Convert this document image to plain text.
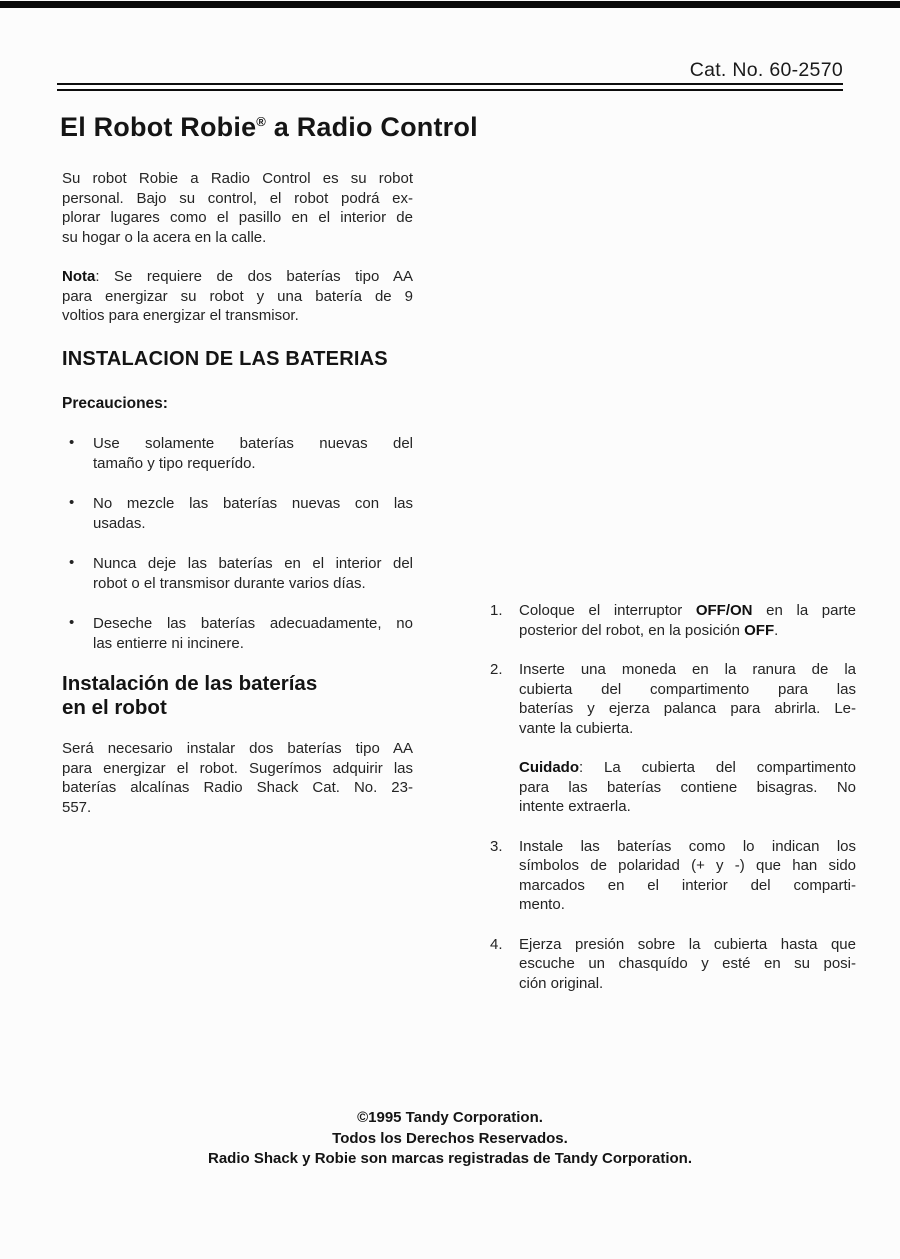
Cat. No. 60-2570
El Robot Robie® a Radio Control
Su robot Robie a Radio Control es su robot
personal. Bajo su control, el robot podrá ex-
plorar lugares como el pasillo en el interior de
su hogar o la acera en la calle.
Nota: Se requiere de dos baterías tipo AA
para energizar su robot y una batería de 9
voltios para energizar el transmisor.
INSTALACION DE LAS BATERIAS
Precauciones:
• Use solamente baterías nuevas del
tamaño y tipo requerído.
• No mezcle las baterías nuevas con las
usadas.
• Nunca deje las baterías en el interior del
robot o el transmisor durante varios días.
• Deseche las baterías adecuadamente, no
las entierre ni incinere.
Instalación de las baterías
en el robot
Será necesario instalar dos baterías tipo AA
para energizar el robot. Sugerímos adquirir las
baterías alcalínas Radio Shack Cat. No. 23-
557.
1. Coloque el interruptor OFF/ON en la parte
posterior del robot, en la posición OFF.
2. Inserte una moneda en la ranura de la
cubierta del compartimento para las
baterías y ejerza palanca para abrirla. Le-
vante la cubierta.
Cuidado: La cubierta del compartimento
para las baterías contiene bisagras. No
intente extraerla.
3. Instale las baterías como lo indican los
símbolos de polaridad (+ y -) que han sido
marcados en el interior del comparti-
mento.
4. Ejerza presión sobre la cubierta hasta que
escuche un chasquído y esté en su posi-
ción original.
©1995 Tandy Corporation.
Todos los Derechos Reservados.
Radio Shack y Robie son marcas registradas de Tandy Corporation.
